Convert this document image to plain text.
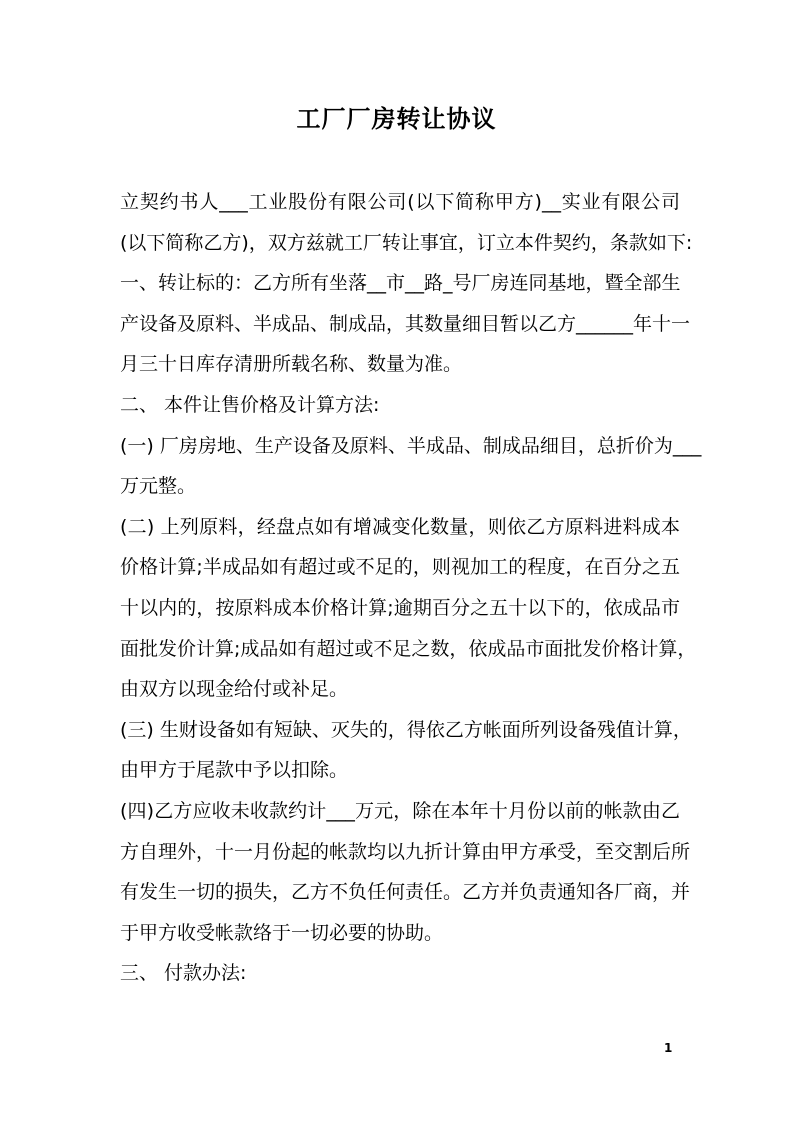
工厂厂房转让协议
立契约书人___工业股份有限公司(以下简称甲方)__实业有限公司
(以下简称乙方)，双方兹就工厂转让事宜，订立本件契约，条款如下:
一、转让标的：乙方所有坐落__市__路_号厂房连同基地，暨全部生
产设备及原料、半成品、制成品，其数量细目暂以乙方______年十一
月三十日库存清册所载名称、数量为准。
二、 本件让售价格及计算方法:
(一) 厂房房地、生产设备及原料、半成品、制成品细目，总折价为___
万元整。
(二) 上列原料，经盘点如有增减变化数量，则依乙方原料进料成本
价格计算;半成品如有超过或不足的，则视加工的程度，在百分之五
十以内的，按原料成本价格计算;逾期百分之五十以下的，依成品市
面批发价计算;成品如有超过或不足之数，依成品市面批发价格计算，
由双方以现金给付或补足。
(三) 生财设备如有短缺、灭失的，得依乙方帐面所列设备残值计算，
由甲方于尾款中予以扣除。
(四)乙方应收未收款约计___万元，除在本年十月份以前的帐款由乙
方自理外，十一月份起的帐款均以九折计算由甲方承受，至交割后所
有发生一切的损失，乙方不负任何责任。乙方并负责通知各厂商，并
于甲方收受帐款络于一切必要的协助。
三、 付款办法:
1
